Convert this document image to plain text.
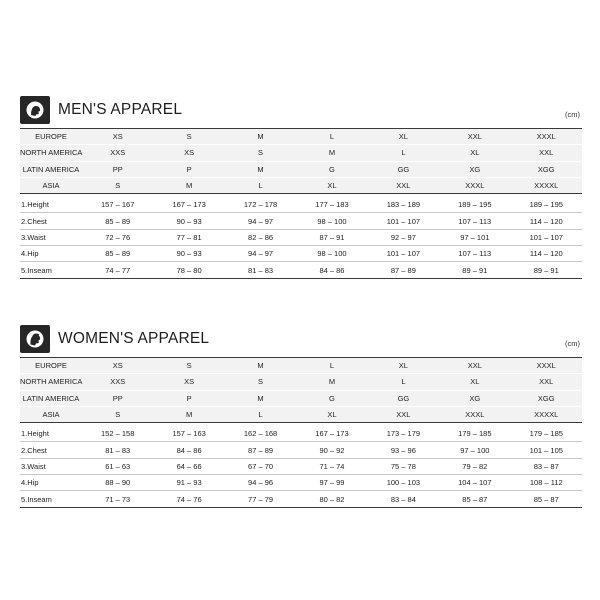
MEN'S APPAREL	(cm)
EUROPE	XS	S	M	L	XL	XXL	XXXL
NORTH AMERICA	XXS	XS	S	M	L	XL	XXL
LATIN AMERICA	PP	P	M	G	GG	XG	XGG
ASIA	S	M	L	XL	XXL	XXXL	XXXXL

1.Height	157 – 167	167 – 173	172 – 178	177 – 183	183 – 189	189 – 195	189 – 195
2.Chest	85 – 89	90 – 93	94 – 97	98 – 100	101 – 107	107 – 113	114 – 120
3.Waist	72 – 76	77 – 81	82 – 86	87 – 91	92 – 97	97 – 101	101 – 107
4.Hip	85 – 89	90 – 93	94 – 97	98 – 100	101 – 107	107 – 113	114 – 120
5.Inseam	74 – 77	78 – 80	81 – 83	84 – 86	87 – 89	89 – 91	89 – 91
WOMEN'S APPAREL	(cm)
EUROPE	XS	S	M	L	XL	XXL	XXXL
NORTH AMERICA	XXS	XS	S	M	L	XL	XXL
LATIN AMERICA	PP	P	M	G	GG	XG	XGG
ASIA	S	M	L	XL	XXL	XXXL	XXXXL

1.Height	152 – 158	157 – 163	162 – 168	167 – 173	173 – 179	179 – 185	179 – 185
2.Chest	81 – 83	84 – 86	87 – 89	90 – 92	93 – 96	97 – 100	101 – 105
3.Waist	61 – 63	64 – 66	67 – 70	71 – 74	75 – 78	79 – 82	83 – 87
4.Hip	88 – 90	91 – 93	94 – 96	97 – 99	100 – 103	104 – 107	108 – 112
5.Inseam	71 – 73	74 – 76	77 – 79	80 – 82	83 – 84	85 – 87	85 – 87
